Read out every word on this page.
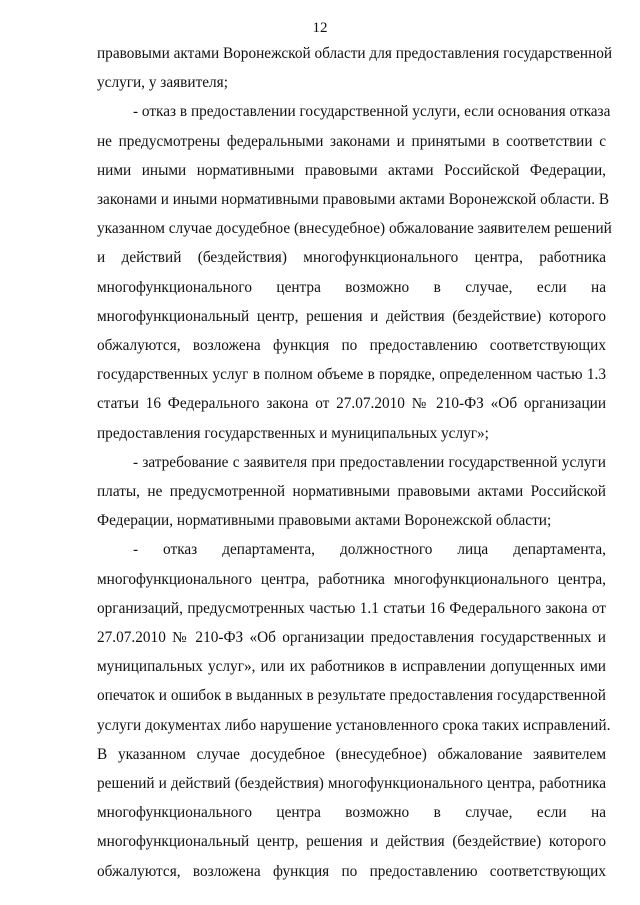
12
правовыми актами Воронежской области для предоставления государственной
услуги, у заявителя;
- отказ в предоставлении государственной услуги, если основания отказа
не предусмотрены федеральными законами и принятыми в соответствии с
ними иными нормативными правовыми актами Российской Федерации,
законами и иными нормативными правовыми актами Воронежской области. В
указанном случае досудебное (внесудебное) обжалование заявителем решений
и действий (бездействия) многофункционального центра, работника
многофункционального центра возможно в случае, если на
многофункциональный центр, решения и действия (бездействие) которого
обжалуются, возложена функция по предоставлению соответствующих
государственных услуг в полном объеме в порядке, определенном частью 1.3
статьи 16 Федерального закона от 27.07.2010 № 210-ФЗ «Об организации
предоставления государственных и муниципальных услуг»;
- затребование с заявителя при предоставлении государственной услуги
платы, не предусмотренной нормативными правовыми актами Российской
Федерации, нормативными правовыми актами Воронежской области;
- отказ департамента, должностного лица департамента,
многофункционального центра, работника многофункционального центра,
организаций, предусмотренных частью 1.1 статьи 16 Федерального закона от
27.07.2010 № 210-ФЗ «Об организации предоставления государственных и
муниципальных услуг», или их работников в исправлении допущенных ими
опечаток и ошибок в выданных в результате предоставления государственной
услуги документах либо нарушение установленного срока таких исправлений.
В указанном случае досудебное (внесудебное) обжалование заявителем
решений и действий (бездействия) многофункционального центра, работника
многофункционального центра возможно в случае, если на
многофункциональный центр, решения и действия (бездействие) которого
обжалуются, возложена функция по предоставлению соответствующих
